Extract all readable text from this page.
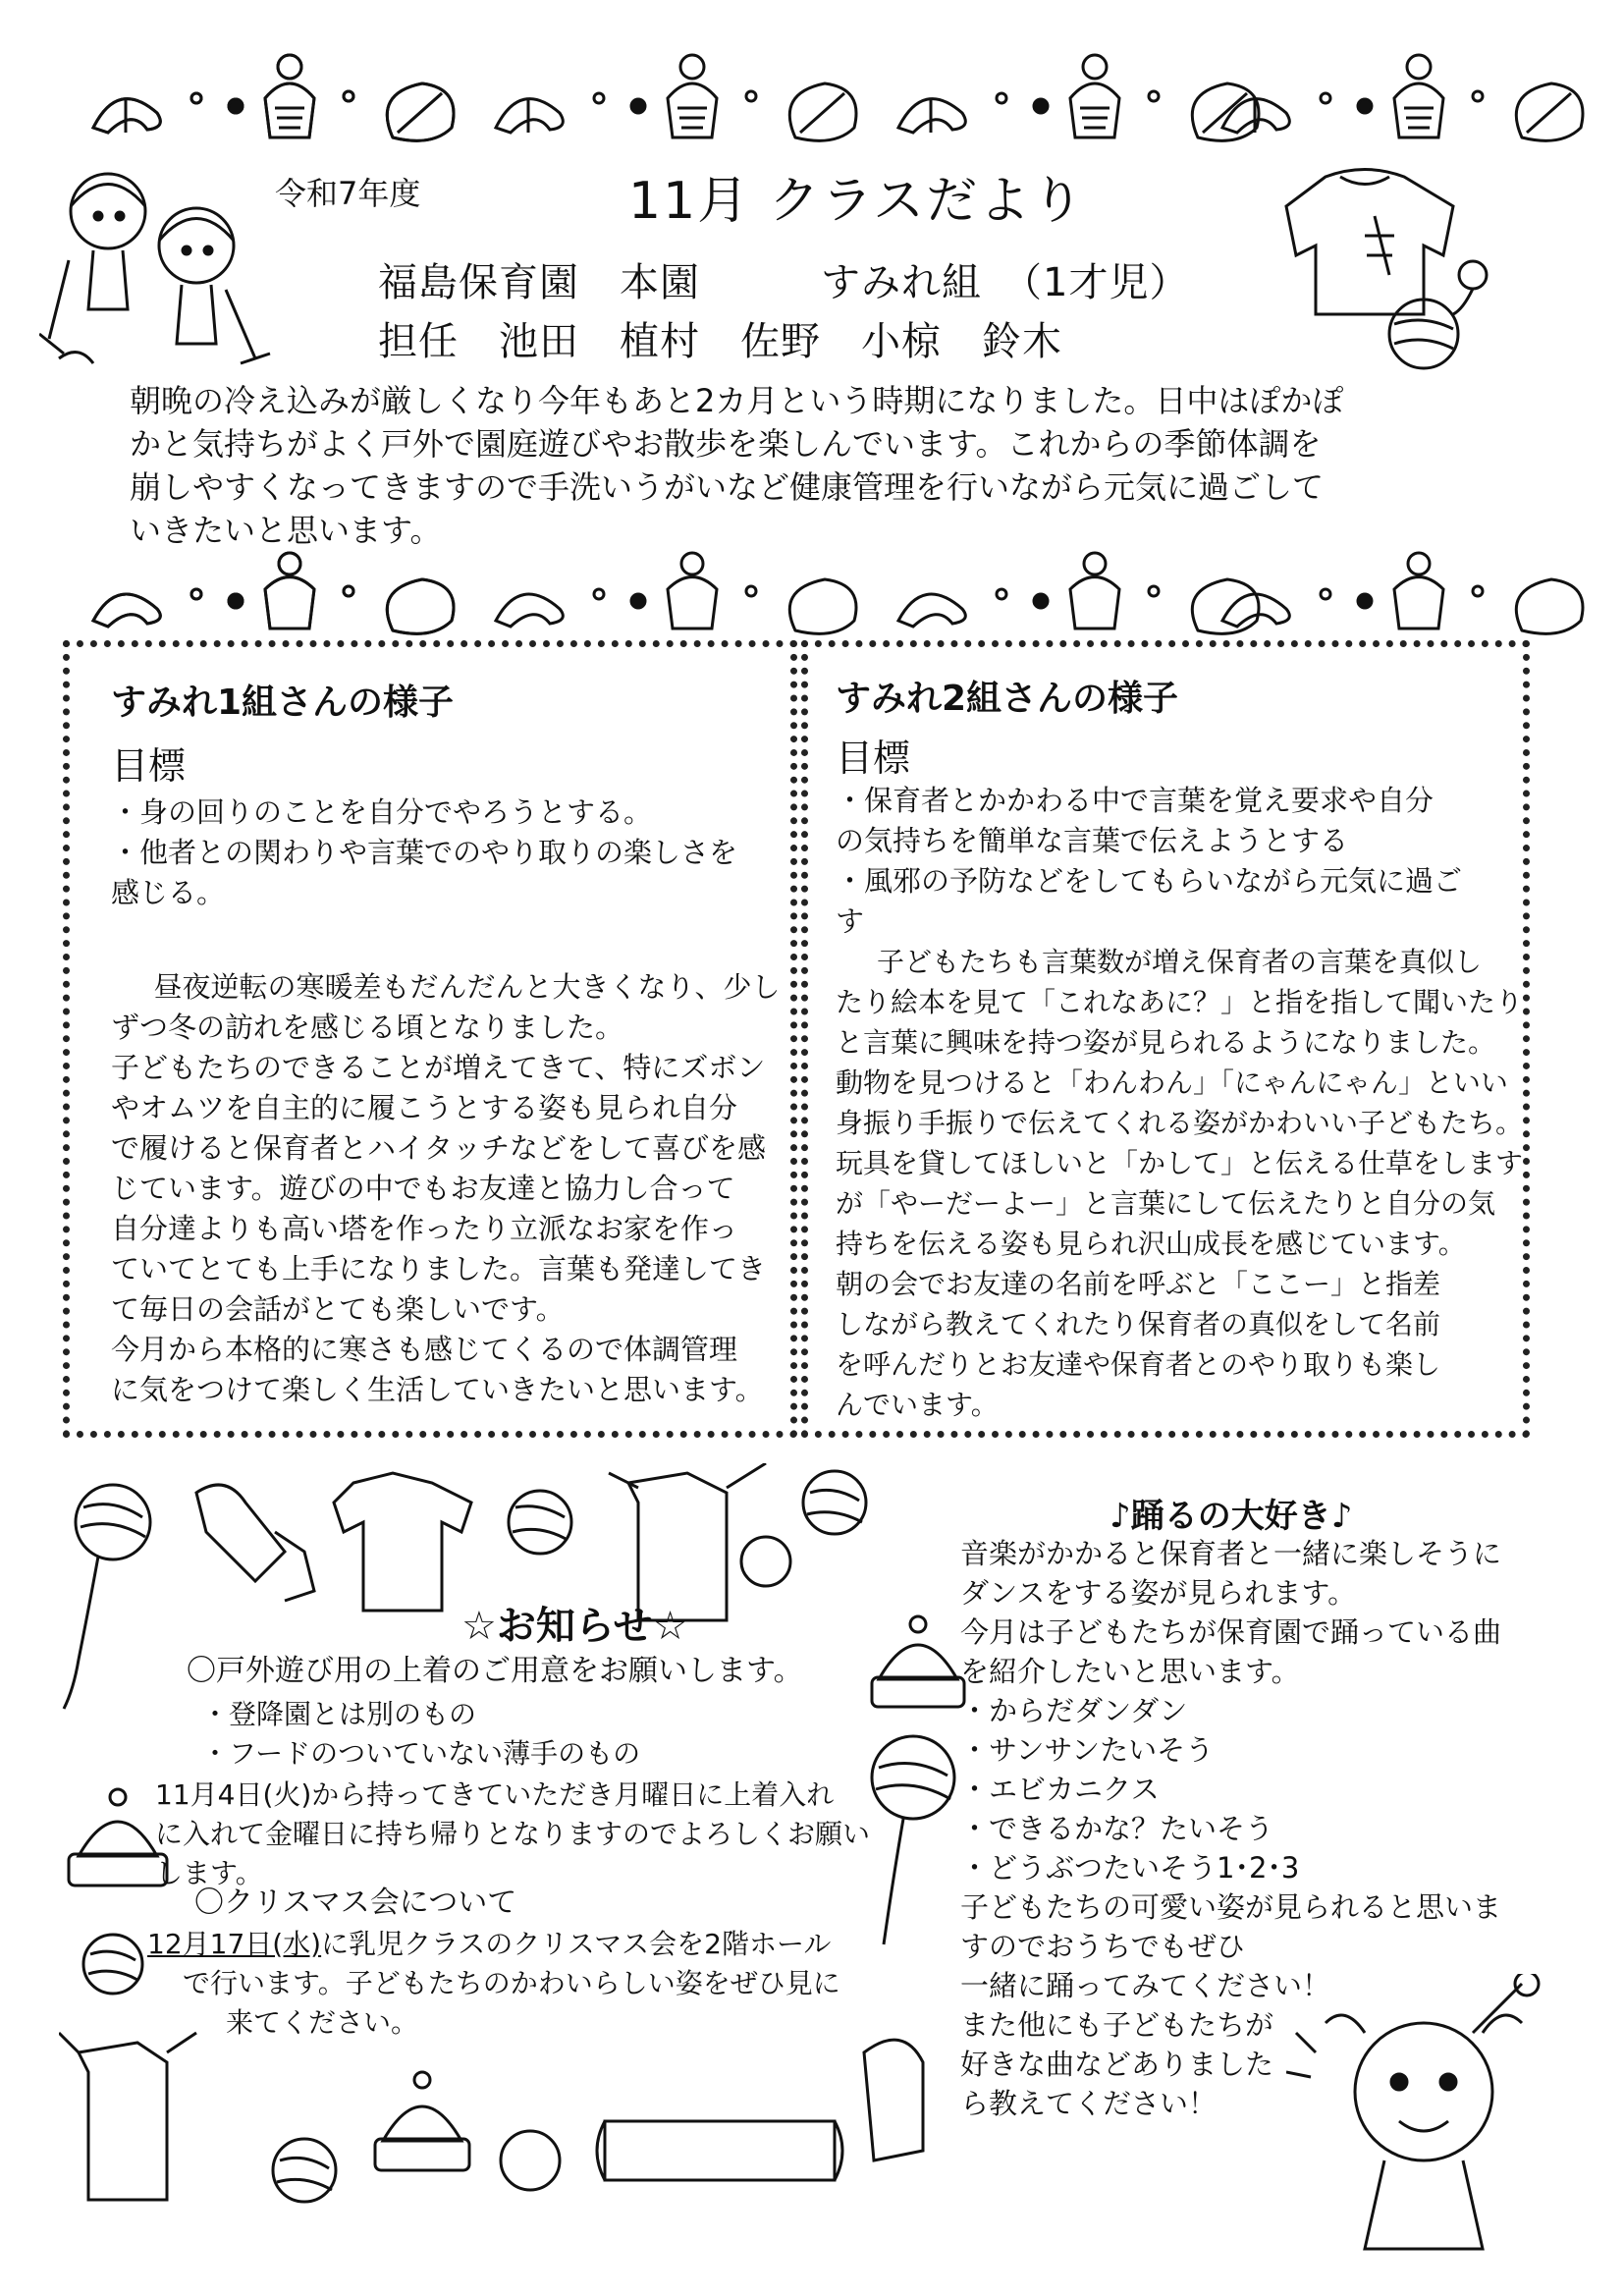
令和7年度	11月 クラスだより
福島保育園　本園　　　すみれ組　（1才児）
担任　池田　植村　佐野　小椋　鈴木

朝晩の冷え込みが厳しくなり今年もあと2カ月という時期になりました。日中はぽかぽ

かと気持ちがよく戸外で園庭遊びやお散歩を楽しんでいます。これからの季節体調を

崩しやすくなってきますので手洗いうがいなど健康管理を行いながら元気に過ごして

いきたいと思います。

すみれ1組さんの様子
目標

・身の回りのことを自分でやろうとする。

・他者との関わりや言葉でのやり取りの楽しさを

感じる。

昼夜逆転の寒暖差もだんだんと大きくなり、少し

ずつ冬の訪れを感じる頃となりました。

子どもたちのできることが増えてきて、特にズボン

やオムツを自主的に履こうとする姿も見られ自分

で履けると保育者とハイタッチなどをして喜びを感

じています。遊びの中でもお友達と協力し合って

自分達よりも高い塔を作ったり立派なお家を作っ

ていてとても上手になりました。言葉も発達してき

て毎日の会話がとても楽しいです。

今月から本格的に寒さも感じてくるので体調管理

に気をつけて楽しく生活していきたいと思います。

すみれ2組さんの様子
目標

・保育者とかかわる中で言葉を覚え要求や自分

の気持ちを簡単な言葉で伝えようとする

・風邪の予防などをしてもらいながら元気に過ご

す

子どもたちも言葉数が増え保育者の言葉を真似し

たり絵本を見て「これなあに？」と指を指して聞いたり

と言葉に興味を持つ姿が見られるようになりました。

動物を見つけると「わんわん」「にゃんにゃん」といい

身振り手振りで伝えてくれる姿がかわいい子どもたち。

玩具を貸してほしいと「かして」と伝える仕草をします

が「やーだーよー」と言葉にして伝えたりと自分の気

持ちを伝える姿も見られ沢山成長を感じています。

朝の会でお友達の名前を呼ぶと「ここー」と指差

しながら教えてくれたり保育者の真似をして名前

を呼んだりとお友達や保育者とのやり取りも楽し

んでいます。

☆お知らせ☆

〇戸外遊び用の上着のご用意をお願いします。

・登降園とは別のもの

・フードのついていない薄手のもの

11月4日(火)から持ってきていただき月曜日に上着入れ

に入れて金曜日に持ち帰りとなりますのでよろしくお願い

します。

〇クリスマス会について

12月17日(水)に乳児クラスのクリスマス会を2階ホール

で行います。子どもたちのかわいらしい姿をぜひ見に

来てください。

♪踊るの大好き♪

音楽がかかると保育者と一緒に楽しそうに

ダンスをする姿が見られます。

今月は子どもたちが保育園で踊っている曲

を紹介したいと思います。

・からだダンダン

・サンサンたいそう

・エビカニクス

・できるかな？たいそう

・どうぶつたいそう1･2･3

子どもたちの可愛い姿が見られると思いま

すのでおうちでもぜひ

一緒に踊ってみてください！

また他にも子どもたちが

好きな曲などありました

ら教えてください！
